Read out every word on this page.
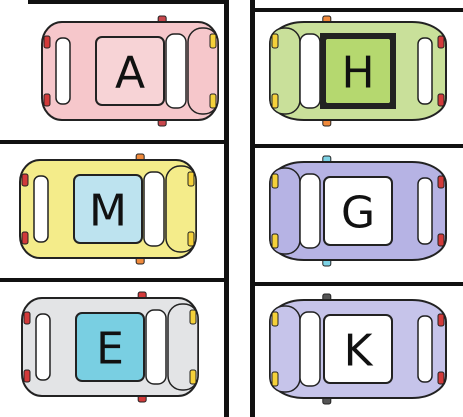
A
M
E
H
G
K
